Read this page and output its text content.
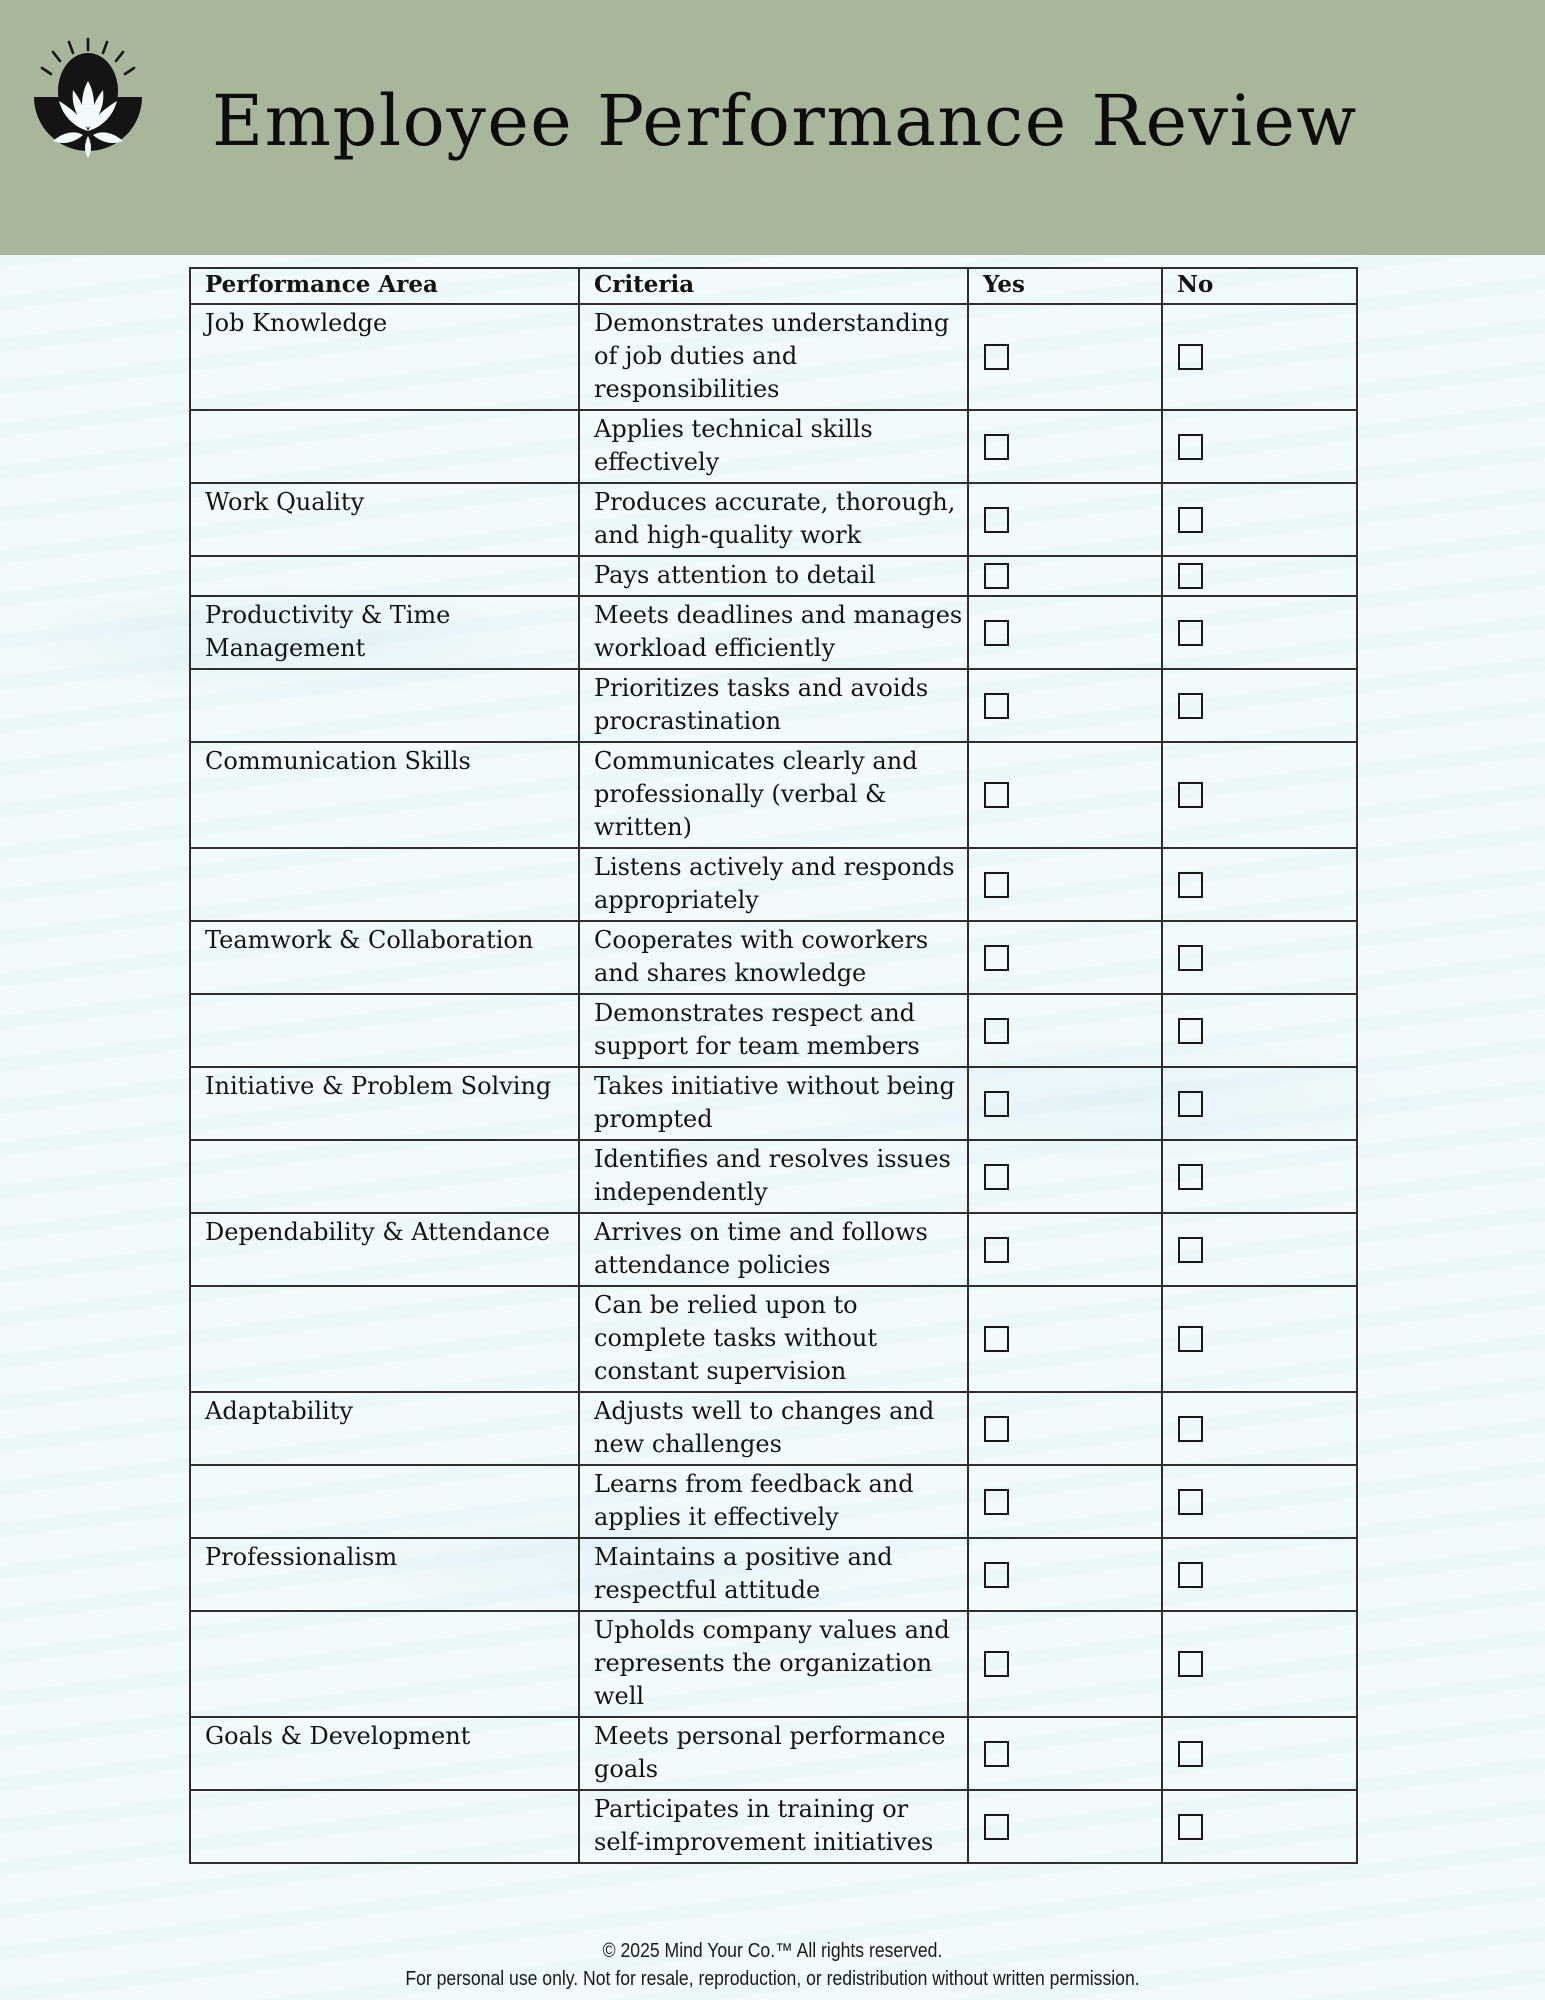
Employee Performance Review
Performance Area	Criteria	Yes	No
Job Knowledge	Demonstrates understanding of job duties and responsibilities	

	Applies technical skills effectively	

Work Quality	Produces accurate, thorough, and high-quality work	

	Pays attention to detail	

Productivity & Time Management	Meets deadlines and manages workload efficiently	

	Prioritizes tasks and avoids procrastination	

Communication Skills	Communicates clearly and professionally (verbal & written)	

	Listens actively and responds appropriately	

Teamwork & Collaboration	Cooperates with coworkers and shares knowledge	

	Demonstrates respect and support for team members	

Initiative & Problem Solving	Takes initiative without being prompted	

	Identifies and resolves issues independently	

Dependability & Attendance	Arrives on time and follows attendance policies	

	Can be relied upon to complete tasks without constant supervision	

Adaptability	Adjusts well to changes and new challenges	

	Learns from feedback and applies it effectively	

Professionalism	Maintains a positive and respectful attitude	

	Upholds company values and represents the organization well	

Goals & Development	Meets personal performance goals	

	Participates in training or self-improvement initiatives	

© 2025 Mind Your Co.™ All rights reserved.
For personal use only. Not for resale, reproduction, or redistribution without written permission.
